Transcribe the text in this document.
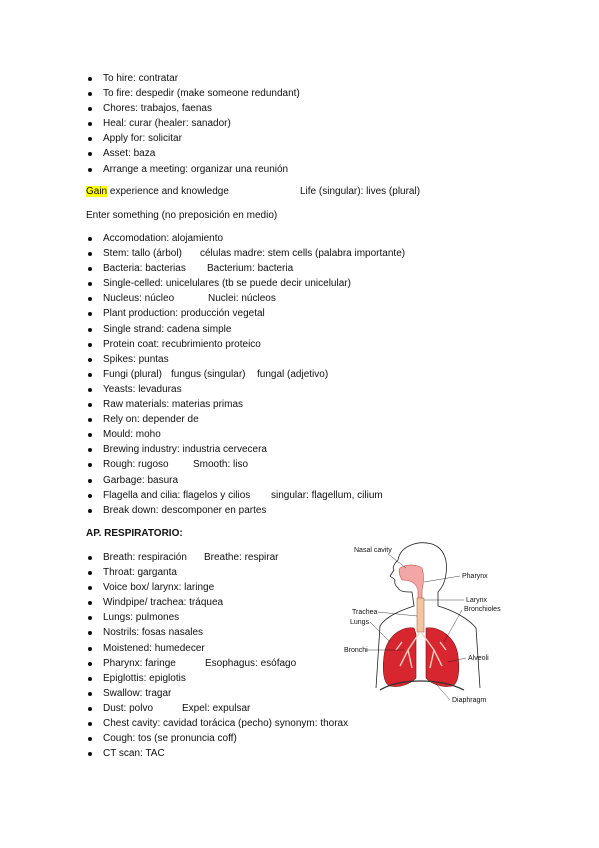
To hire: contratar
To fire: despedir (make someone redundant)
Chores: trabajos, faenas
Heal: curar (healer: sanador)
Apply for: solicitar
Asset: baza
Arrange a meeting: organizar una reunión
Gain experience and knowledge	Life (singular): lives (plural)
Enter something (no preposición en medio)
Accomodation: alojamiento
Stem: tallo (árbol) células madre: stem cells (palabra importante)
Bacteria: bacterias Bacterium: bacteria
Single-celled: unicelulares (tb se puede decir unicelular)
Nucleus: núcleo	Nuclei: núcleos
Plant production: producción vegetal
Single strand: cadena simple
Protein coat: recubrimiento proteico
Spikes: puntas
Fungi (plural) fungus (singular) fungal (adjetivo)
Yeasts: levaduras
Raw materials: materias primas
Rely on: depender de
Mould: moho
Brewing industry: industria cervecera
Rough: rugoso Smooth: liso
Garbage: basura
Flagella and cilia: flagelos y cilios singular: flagellum, cilium
Break down: descomponer en partes
AP. RESPIRATORIO:
Breath: respiración Breathe: respirar
Throat: garganta
Voice box/ larynx: laringe
Windpipe/ trachea: tráquea
Lungs: pulmones
Nostrils: fosas nasales
Moistened: humedecer
Pharynx: faringe	Esophagus: esófago
Epiglottis: epiglotis
Swallow: tragar
Dust: polvo	Expel: expulsar
Chest cavity: cavidad torácica (pecho) synonym: thorax
Cough: tos (se pronuncia coff)
CT scan: TAC
Nasal cavity
Pharynx
Larynx
Trachea	Bronchioles
Lungs
Bronchi
Alveoli
Diaphragm
